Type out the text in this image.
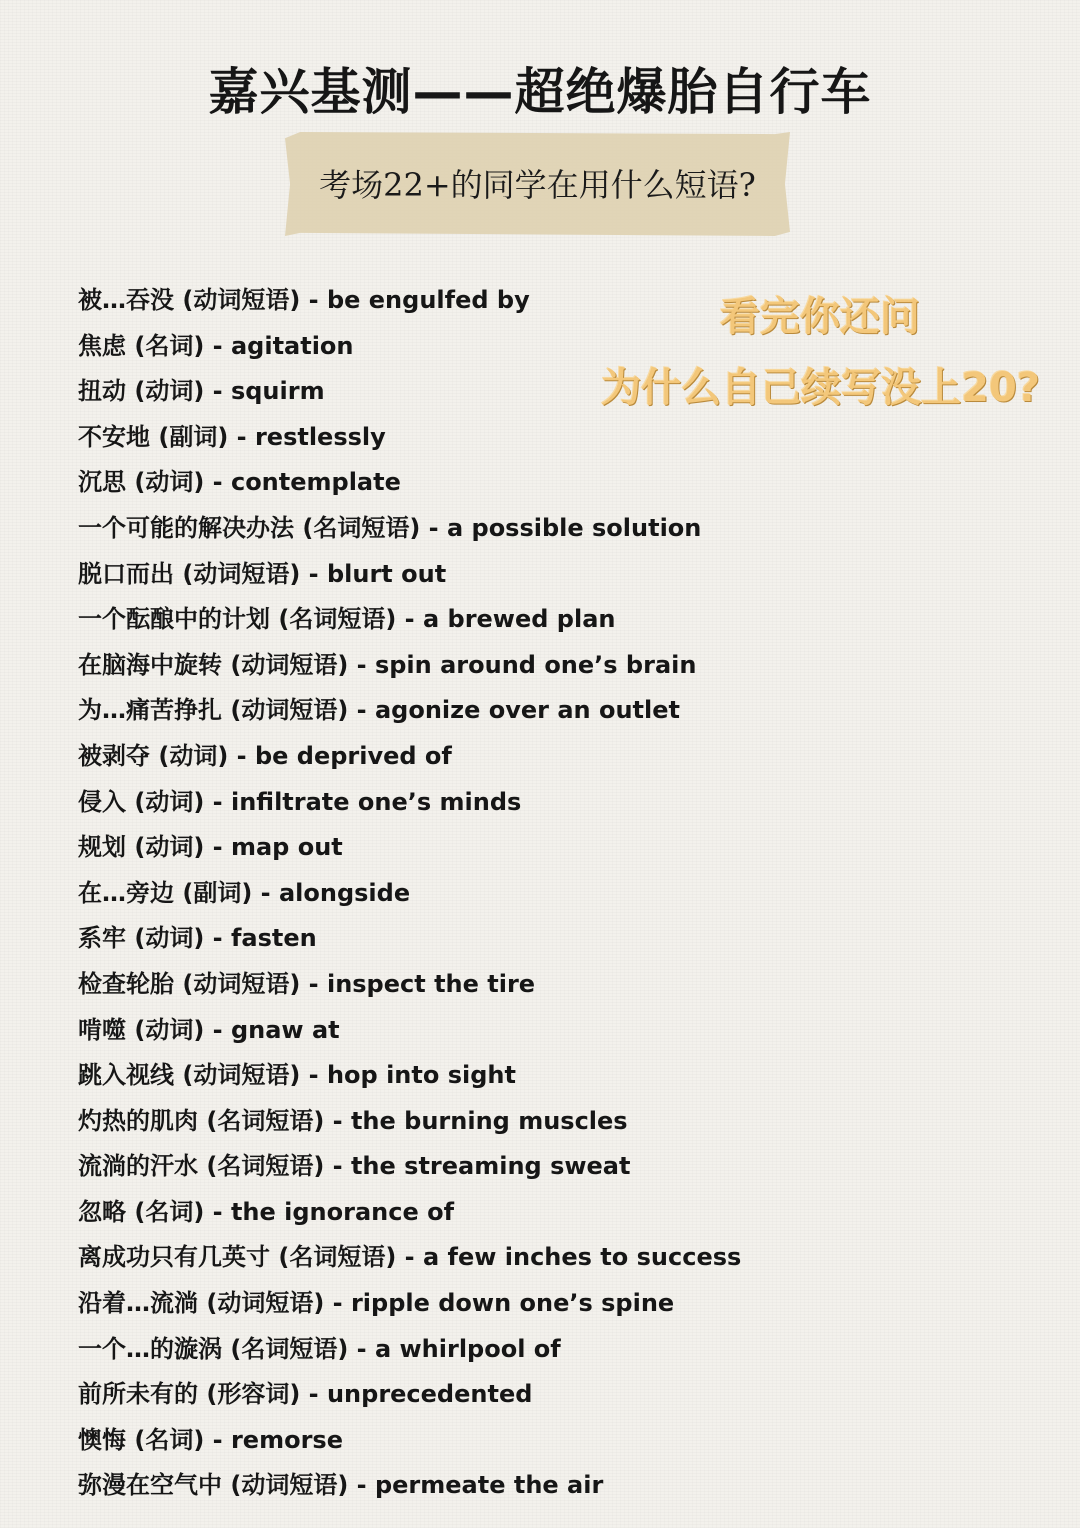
嘉兴基测——超绝爆胎自行车
考场22+的同学在用什么短语?
看完你还问
为什么自己续写没上20?
被…吞没 (动词短语) - be engulfed by
焦虑 (名词) - agitation
扭动 (动词) - squirm
不安地 (副词) - restlessly
沉思 (动词) - contemplate
一个可能的解决办法 (名词短语) - a possible solution
脱口而出 (动词短语) - blurt out
一个酝酿中的计划 (名词短语) - a brewed plan
在脑海中旋转 (动词短语) - spin around one’s brain
为…痛苦挣扎 (动词短语) - agonize over an outlet
被剥夺 (动词) - be deprived of
侵入 (动词) - infiltrate one’s minds
规划 (动词) - map out
在…旁边 (副词) - alongside
系牢 (动词) - fasten
检查轮胎 (动词短语) - inspect the tire
啃噬 (动词) - gnaw at
跳入视线 (动词短语) - hop into sight
灼热的肌肉 (名词短语) - the burning muscles
流淌的汗水 (名词短语) - the streaming sweat
忽略 (名词) - the ignorance of
离成功只有几英寸 (名词短语) - a few inches to success
沿着…流淌 (动词短语) - ripple down one’s spine
一个…的漩涡 (名词短语) - a whirlpool of
前所未有的 (形容词) - unprecedented
懊悔 (名词) - remorse
弥漫在空气中 (动词短语) - permeate the air
